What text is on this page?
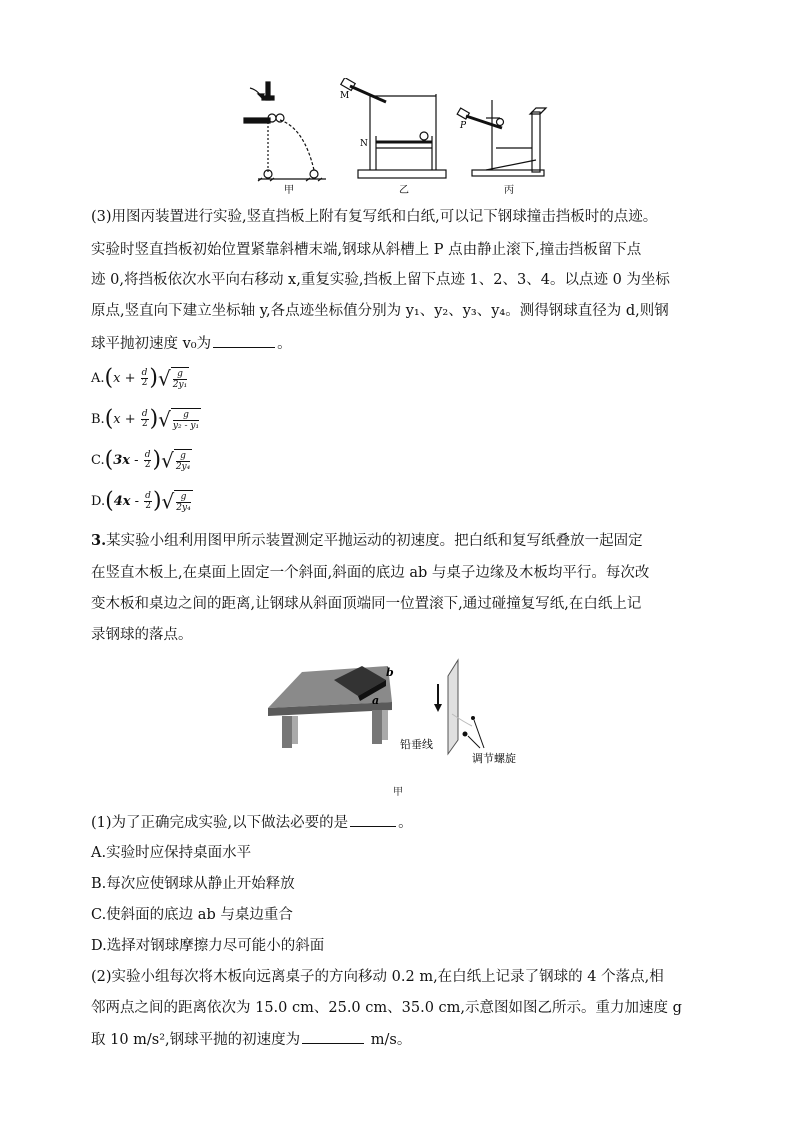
甲
M
N
乙
P
丙
(3)用图丙装置进行实验,竖直挡板上附有复写纸和白纸,可以记下钢球撞击挡板时的点迹。
实验时竖直挡板初始位置紧靠斜槽末端,钢球从斜槽上 P 点由静止滚下,撞击挡板留下点
迹 0,将挡板依次水平向右移动 x,重复实验,挡板上留下点迹 1、2、3、4。以点迹 0 为坐标
原点,竖直向下建立坐标轴 y,各点迹坐标值分别为 y₁、y₂、y₃、y₄。测得钢球直径为 d,则钢
球平抛初速度 v₀为	。
$A.(x + \frac{d}{2}$ )√ $\frac{g}{\text{2y₁}}$
$B.(x + \frac{d}{2}$ )√ $\frac{g}{\text{y₂ - y₁}}$
$C.(3x - \frac{d}{2}$ )√ $\frac{g}{\text{2y₄}}$
$D.(4x - \frac{d}{2}$ )√ $\frac{g}{\text{2y₄}}$
3.某实验小组利用图甲所示装置测定平抛运动的初速度。把白纸和复写纸叠放一起固定
在竖直木板上,在桌面上固定一个斜面,斜面的底边 ab 与桌子边缘及木板均平行。每次改
变木板和桌边之间的距离,让钢球从斜面顶端同一位置滚下,通过碰撞复写纸,在白纸上记
录钢球的落点。
b
a
铅垂线
调节螺旋
甲
(1)为了正确完成实验,以下做法必要的是	。
A.实验时应保持桌面水平
B.每次应使钢球从静止开始释放
C.使斜面的底边 ab 与桌边重合
D.选择对钢球摩擦力尽可能小的斜面
(2)实验小组每次将木板向远离桌子的方向移动 0.2 m,在白纸上记录了钢球的 4 个落点,相
邻两点之间的距离依次为 15.0 cm、25.0 cm、35.0 cm,示意图如图乙所示。重力加速度 g
取 10 m/s²,钢球平抛的初速度为	m/s。
